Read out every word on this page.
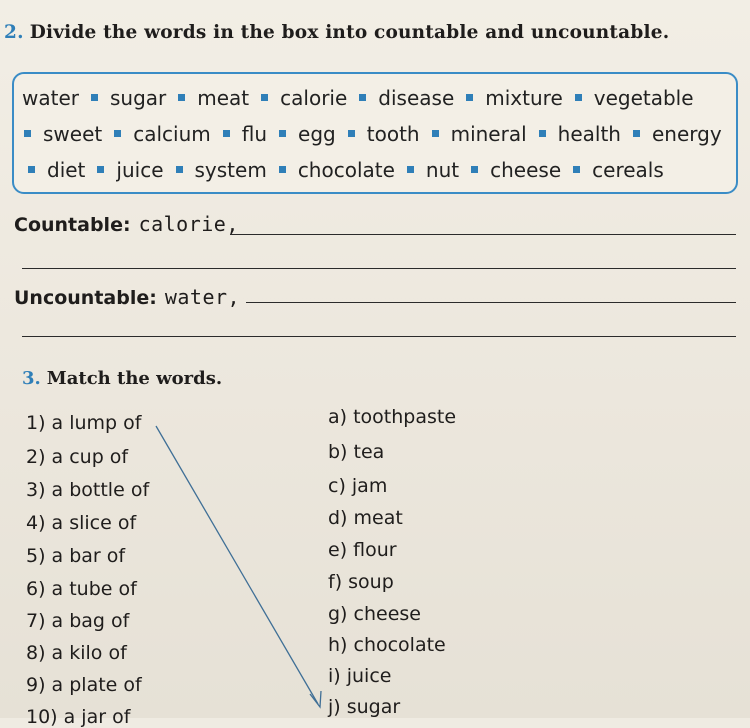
2. Divide the words in the box into countable and uncountable.
water sugar meat calorie disease mixture vegetable
sweet calcium flu egg tooth mineral health energy
diet juice system chocolate nut cheese cereals
Countable: calorie,
Uncountable: water,
3. Match the words.
1) a lump of
2) a cup of
3) a bottle of
4) a slice of
5) a bar of
6) a tube of
7) a bag of
8) a kilo of
9) a plate of
10) a jar of
a) toothpaste
b) tea
c) jam
d) meat
e) flour
f) soup
g) cheese
h) chocolate
i) juice
j) sugar
